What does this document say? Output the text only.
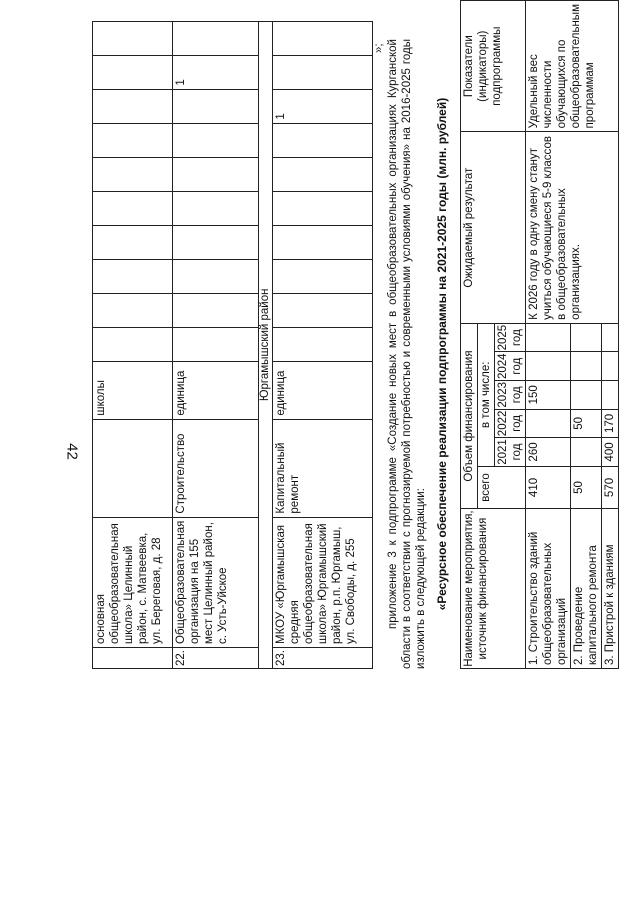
42
	основная общеобразовательная школа» Целинный район, с. Матвеевка, ул. Береговая, д. 28		школы										
22.	Общеобразовательная организация на 155 мест Целинный район, с. Усть-Уйское	Строительство	единица									1	
Юргамышский район													
23.	МКОУ «Юргамышская средняя общеобразовательная школа» Юргамышский район, р.п. Юргамыш, ул. Свободы, д. 255	Капитальный ремонт	единица								1		
»; приложение 3 к подпрограмме «Создание новых мест в общеобразовательных организациях Курганской области в соответствии с прогнозируемой потребностью и современными условиями обучения» на 2016-2025 годы изложить в следующей редакции: «Ресурсное обеспечение реализации подпрограммы на 2021-2025 годы (млн. рублей) Наименование мероприятия, источник финансирования	Объем финансирования						Ожидаемый результат	Показатели (индикаторы) подпрограммы
	всего	в том числе:						
		2021 год	2022 год	2023 год	2024 год	2025 год		
1. Строительство зданий общеобразовательных организаций	410	260		150			К 2026 году в одну смену станут учиться обучающиеся 5-9 классов в общеобразовательных организациях.	Удельный вес численности обучающихся по общеобразовательным программам
2. Проведение капитального ремонта	50		50					
3. Пристрой к зданиям	570	400	170					
